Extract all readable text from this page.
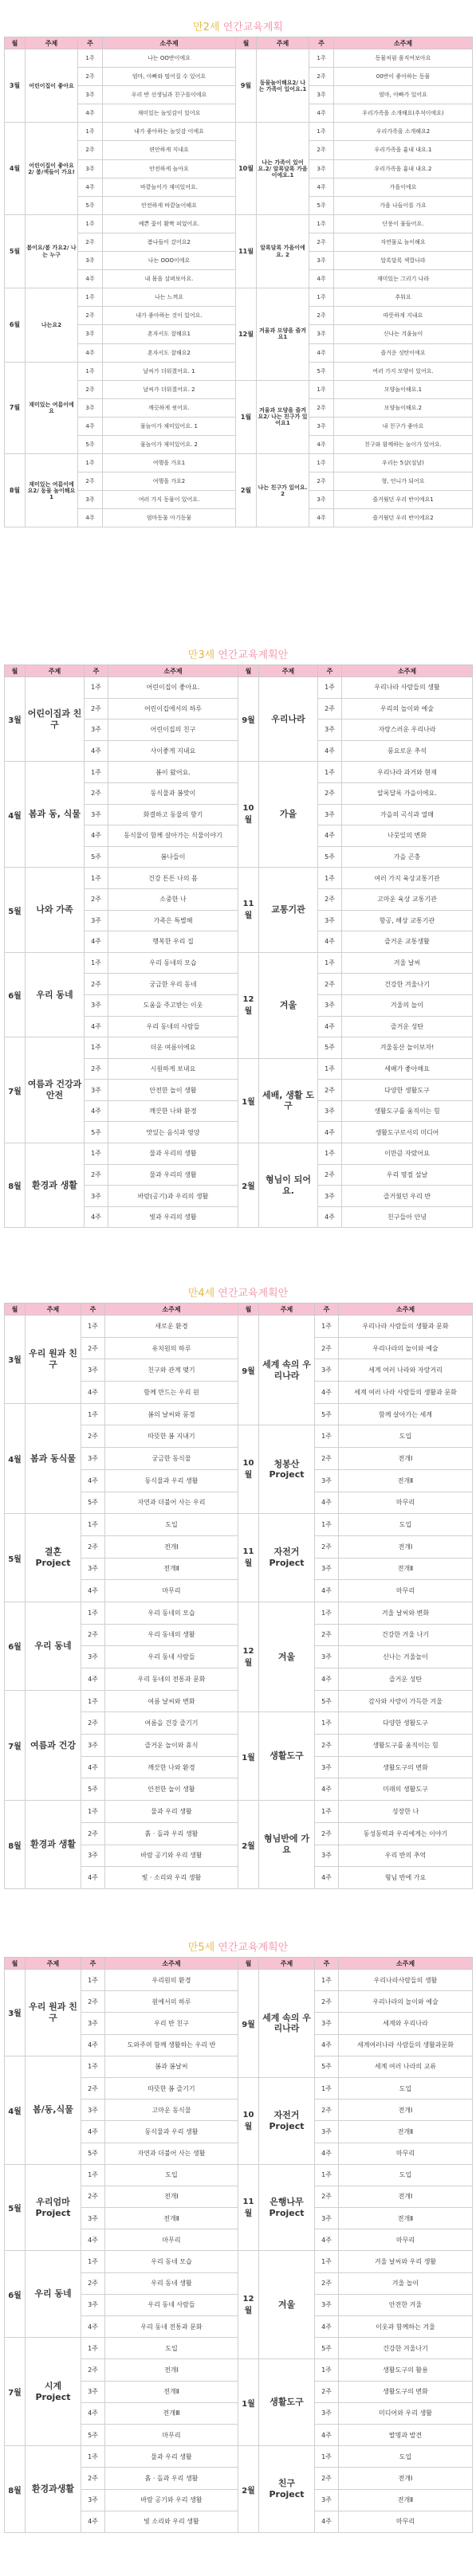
만2세 연간교육계획
월	주제	주	소주제	월	주제	주	소주제
3월	어린이집이 좋아요	1주	나는 OO반이에요	9월	동물놀이해요2/ 나는 가족이 있어요.1	1주	동물처럼 움직여보아요
		2주	엄마, 아빠와 떨어질 수 있어요			2주	00반이 좋아하는 동물
		3주	우리 반 선생님과 친구를이에요			3주	엄마, 아빠가 있어요
		4주	재미있는 놀잇감이 있어요			4주	우리가족을 소개해요(추석이에요)
4월	어린이집이 좋아요2/ 봄/색들이 가요!	1주	내가 좋아하는 놀잇감 이에요	10월	나는 가족이 있어요.2/ 알록달록 가을이에요.1	1주	우리가족을 소개해요2
		2주	편안하게 지내요			2주	우리가족을 흉내 내요.1
		3주	안전하게 놀아요			3주	우리가족을 흉내 내요.2
		4주	바깥놀이가 재미있어요.			4주	가을이에요
		5주	안전하게 바깥놀이해요			5주	가을 나들이를 가요
5월	봄이요/봄 가요2/ 나는 누구	1주	예쁜 꽃이 활짝 피었어요.	11월	알록달록 가을이에요. 2	1주	단풍이 물들어요.
		2주	봄나들이 갔어요2			2주	자연물로 놀이해요
		3주	나는 OOO이에요			3주	알록달록 색깔나라
		4주	내 몸을 살펴보아요.			4주	재미있는 그리기 나라
6월	나는요2	1주	나는 느껴요	12월	겨울과 모양을 즐겨요1	1주	추워요
		2주	내가 좋아하는 것이 있어요.			2주	따뜻하게 지내요
		3주	혼자서도 잘해요1			3주	신나는 겨울놀이
		4주	혼자서도 잘해요2			4주	즐거운 성탄이에요
7월	재미있는 여름이에요	1주	날씨가 더워졌어요. 1			5주	여러 가지 모양이 있어요.
		2주	날씨가 더워졌어요. 2	1월	겨울과 모양을 즐겨요2/ 나는 친구가 있어요1	1주	모양놀이해요.1
		3주	깨끗하게 씻어요.			2주	모양놀이해요.2
		4주	물놀이가 재미있어요. 1			3주	내 친구가 좋아요
		5주	물놀이가 재미있어요. 2			4주	친구와 함께하는 놀이가 있어요.
8월	재미있는 여름이에요2/ 동물 놀이해요1	1주	여행을 가요1	2월	나는 친구가 있어요. 2	1주	우리는 5살(설날)
		2주	여행을 가요2			2주	형, 언니가 되어요
		3주	여러 가지 동물이 있어요.			3주	즐거웠던 우리 반이에요1
		4주	엄마동물 아기동물			4주	즐거웠던 우리 반이에요2
만3세 연간교육계획안
월	주제	주	소주제	월	주제	주	소주제
3월	어린이집과 친구	1주	어린이집이 좋아요.	9월	우리나라	1주	우리나라 사람들의 생활
		2주	어린이집에서의 하루			2주	우리의 놀이와 예술
		3주	어린이집의 친구			3주	자랑스러운 우리나라
		4주	사이좋게 지내요			4주	풍요로운 추석
4월	봄과 동, 식물	1주	봄이 왔어요.	10월	가을	1주	우리나라 과거와 현재
		2주	동식물과 봄맞이			2주	알록달록 가을이에요.
		3주	화결하고 동물의 향기			3주	가을의 곡식과 열매
		4주	동식물이 함께 살아가는 식물이야기			4주	나뭇잎의 변화
		5주	봄나들이			5주	가을 곤충
5월	나와 가족	1주	건강 튼튼 나의 몸	11월	교통기관	1주	여러 가지 육상교통기관
		2주	소중한 나			2주	고마운 육상 교통기관
		3주	가족은 특별해			3주	항공, 해상 교통기관
		4주	행복한 우리 집			4주	즐거운 교통생활
6월	우리 동네	1주	우리 동네의 모습	12월	겨울	1주	겨울 날씨
		2주	궁금한 우리 동네			2주	건강한 겨울나기
		3주	도움을 주고받는 이웃			3주	겨울의 놀이
		4주	우리 동네의 사람들			4주	즐거운 성탄
7월	여름과 건강과 안전	1주	더운 여름이에요			5주	겨울동산 놀이보자!
		2주	시원하게 보내요	1월	세배, 생활 도구	1주	세배가 좋아해요
		3주	안전한 놀이 생활			2주	다양한 생활도구
		4주	깨끗한 나와 환경			3주	생활도구를 움직이는 힘
		5주	맛있는 음식과 영양			4주	생활도구로서의 미디어
8월	환경과 생활	1주	물과 우리의 생활	2월	형님이 되어요.	1주	이만큼 자랐어요
		2주	물과 우리의 생활			2주	우리 명절 설날
		3주	바람(공기)과 우리의 생활			3주	즐거웠던 우리 반
		4주	빛과 우리의 생활			4주	친구들아 안녕
만4세 연간교육계획안
월	주제	주	소주제	월	주제	주	소주제
3월	우리 원과 친구	1주	새로운 환경	9월	세계 속의 우리나라	1주	우리나라 사람들의 생활과 문화
		2주	유치원의 하루			2주	우리나라의 놀이와 예술
		3주	친구와 관계 맺기			3주	세계 여러 나라와 자랑거리
		4주	함께 만드는 우리 원			4주	세계 여러 나라 사람들의 생활과 문화
4월	봄과 동식물	1주	봄의 날씨와 풍경			5주	함께 살아가는 세계
		2주	따뜻한 봄 지내기	10월	청봉산 Project	1주	도입
		3주	궁금한 동식물			2주	전개Ⅰ
		4주	동식물과 우리 생활			3주	전개Ⅱ
		5주	자연과 더불어 사는 우리			4주	마무리
5월	결혼 Project	1주	도입	11월	자전거 Project	1주	도입
		2주	전개Ⅰ			2주	전개Ⅰ
		3주	전개Ⅱ			3주	전개Ⅱ
		4주	마무리			4주	마무리
6월	우리 동네	1주	우리 동네의 모습	12월	겨울	1주	겨울 날씨와 변화
		2주	우리 동네의 생활			2주	건강한 겨울 나기
		3주	우리 동네 사람들			3주	신나는 겨울놀이
		4주	우리 동네의 전통과 문화			4주	즐거운 성탄
7월	여름과 건강	1주	여름 날씨와 변화			5주	감사와 사랑이 가득한 겨울
		2주	여름을 건강 즐기기	1월	생활도구	1주	다양한 생활도구
		3주	즐거운 놀이와 휴식			2주	생활도구를 움직이는 힘
		4주	깨끗한 나와 환경			3주	생활도구의 변화
		5주	안전한 놀이 생활			4주	미래의 생활도구
8월	환경과 생활	1주	물과 우리 생활	2월	형님반에 가요	1주	성장한 나
		2주	흙 · 돌과 우리 생활			2주	동성동력과 우리에게는 이야기
		3주	바람 공기와 우리 생활			3주	우리 반의 추억
		4주	빛 · 소리와 우리 생활			4주	형님 반에 가요
만5세 연간교육계획안
월	주제	주	소주제	월	주제	주	소주제
3월	우리 원과 친구	1주	우리원의 환경	9월	세계 속의 우리나라	1주	우리나라사람들의 생활
		2주	원에서의 하루			2주	우리나라의 놀이와 예술
		3주	우리 반 친구			3주	세계와 우리나라
		4주	도와주며 함께 생활하는 우리 반			4주	세계여러나라 사람들의 생활과문화
4월	봄/동,식물	1주	봄과 봄날씨			5주	세계 여러 나라의 교류
		2주	따뜻한 봄 즐기기	10월	자전거 Project	1주	도입
		3주	고마운 동식물			2주	전개Ⅰ
		4주	동식물과 우리 생활			3주	전개Ⅱ
		5주	자연과 더불어 사는 생활			4주	마무리
5월	우리엄마 Project	1주	도입	11월	은행나무 Project	1주	도입
		2주	전개Ⅰ			2주	전개Ⅰ
		3주	전개Ⅱ			3주	전개Ⅱ
		4주	마무리			4주	마무리
6월	우리 동네	1주	우리 동네 모습	12월	겨울	1주	겨울 날씨와 우리 생활
		2주	우리 동네 생활			2주	겨울 놀이
		3주	우리 동네 사람들			3주	안전한 겨울
		4주	우리 동네 전통과 문화			4주	이웃과 함께하는 겨울
7월	시계 Project	1주	도입			5주	건강한 겨울나기
		2주	전개Ⅰ	1월	생활도구	1주	생활도구의 활용
		3주	전개Ⅱ			2주	생활도구의 변화
		4주	전개Ⅲ			3주	미디어와 우리 생활
		5주	마무리			4주	발명과 발견
8월	환경과생활	1주	물과 우리 생활	2월	친구 Project	1주	도입
		2주	흙 · 돌과 우리 생활			2주	전개Ⅰ
		3주	바람 공기와 우리 생활			3주	전개Ⅱ
		4주	빛 소리와 우리 생활			4주	마무리
